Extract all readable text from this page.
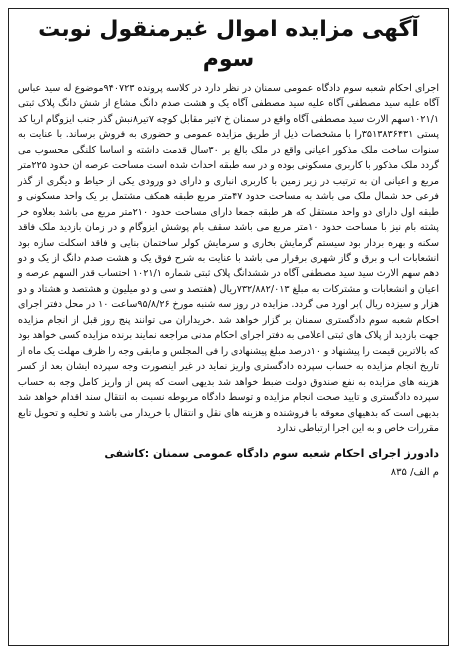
آگهی مزایده اموال غیرمنقول نوبت سوم

اجرای احکام شعبه سوم دادگاه عمومی سمنان در نظر دارد در کلاسه پرونده ۹۴۰۷۲۳موضوع له سید عباس آگاه علیه سید مصطفی آگاه علیه سید مصطفی آگاه یک و هشت صدم دانگ مشاع از شش دانگ پلاک ثبتی ۱۰۲۱/۱سهم الارث سید مصطفی آگاه واقع در سمنان خ ۷تیر مقابل کوچه ۷تیر۸نبش گذر جنب ایزوگام اریا کد پستی ۳۵۱۳۸۳۶۴۳۱را با مشخصات ذیل از طریق مزایده عمومی و حضوری به فروش برساند. با عنایت به سنوات ساخت ملک مذکور اعیانی واقع در ملک بالغ بر ۳۰سال قدمت داشته و اساسا کلنگی محسوب می گردد ملک مذکور با کاربری مسکونی بوده و در سه طبقه احداث شده است مساحت عرصه ان حدود ۲۲۵متر مربع و اعیانی ان به ترتیب در زیر زمین با کاربری انباری و دارای دو ورودی یکی از حیاط و دیگری از گذر فرعی حد شمال ملک می باشد به مساحت حدود ۴۷متر مربع طبقه همکف مشتمل بر یک واحد مسکونی و طبقه اول دارای دو واحد مستقل که هر طبقه جمعا دارای مساحت حدود ۲۱۰متر مربع می باشد بعلاوه خر پشته بام نیز با مساحت حدود ۱۰متر مربع می باشد سقف بام پوشش ایزوگام و در زمان بازدید ملک فاقد سکنه و بهره بردار بود سیستم گرمایش بخاری و سرمایش کولر ساختمان بنایی و فاقد اسکلت سازه بود انشعابات اب و برق و گاز شهری برقرار می باشد با عنایت به شرح فوق یک و هشت صدم دانگ از یک و دو دهم سهم الارث سید سید مصطفی آگاه در ششدانگ پلاک ثبتی شماره ۱۰۲۱/۱ احتساب قدر السهم عرصه و اعیان و انشعابات و مشترکات به مبلغ ۷۳۲/۸۸۲/۰۱۳ریال (هفتصد و سی و دو میلیون و هشتصد و هشتاد و دو هزار و سیزده ریال )بر اورد می گردد. مزایده در روز سه شنبه مورخ ۹۵/۸/۲۶ساعت ۱۰ در محل دفتر اجرای احکام شعبه سوم دادگستری سمنان بر گزار خواهد شد .خریداران می توانند پنج روز قبل از انجام مزایده جهت بازدید از پلاک های ثبتی اعلامی به دفتر اجرای احکام مدنی مراجعه نمایند برنده مزایده کسی خواهد بود که بالاترین قیمت را پیشنهاد و ۱۰درصد مبلغ پیشنهادی را فی المجلس و مابقی وجه را ظرف مهلت یک ماه از تاریخ انجام مزایده به حساب سپرده دادگستری واریز نماید در غیر اینصورت وجه سپرده ایشان بعد از کسر هزینه های مزایده به نفع صندوق دولت ضبط خواهد شد بدیهی است که پس از واریز کامل وجه به حساب سپرده دادگستری و تایید صحت انجام مزایده و توسط دادگاه مربوطه نسبت به انتقال سند اقدام خواهد شد بدیهی است که بدهیهای معوقه با فروشنده و هزینه های نقل و انتقال با خریدار می باشد و تخلیه و تحویل تابع مقررات خاص و به این اجرا ارتباطی ندارد

دادورز اجرای احکام شعبه سوم دادگاه عمومی سمنان :کاشفی
م الف/ ۸۳۵
